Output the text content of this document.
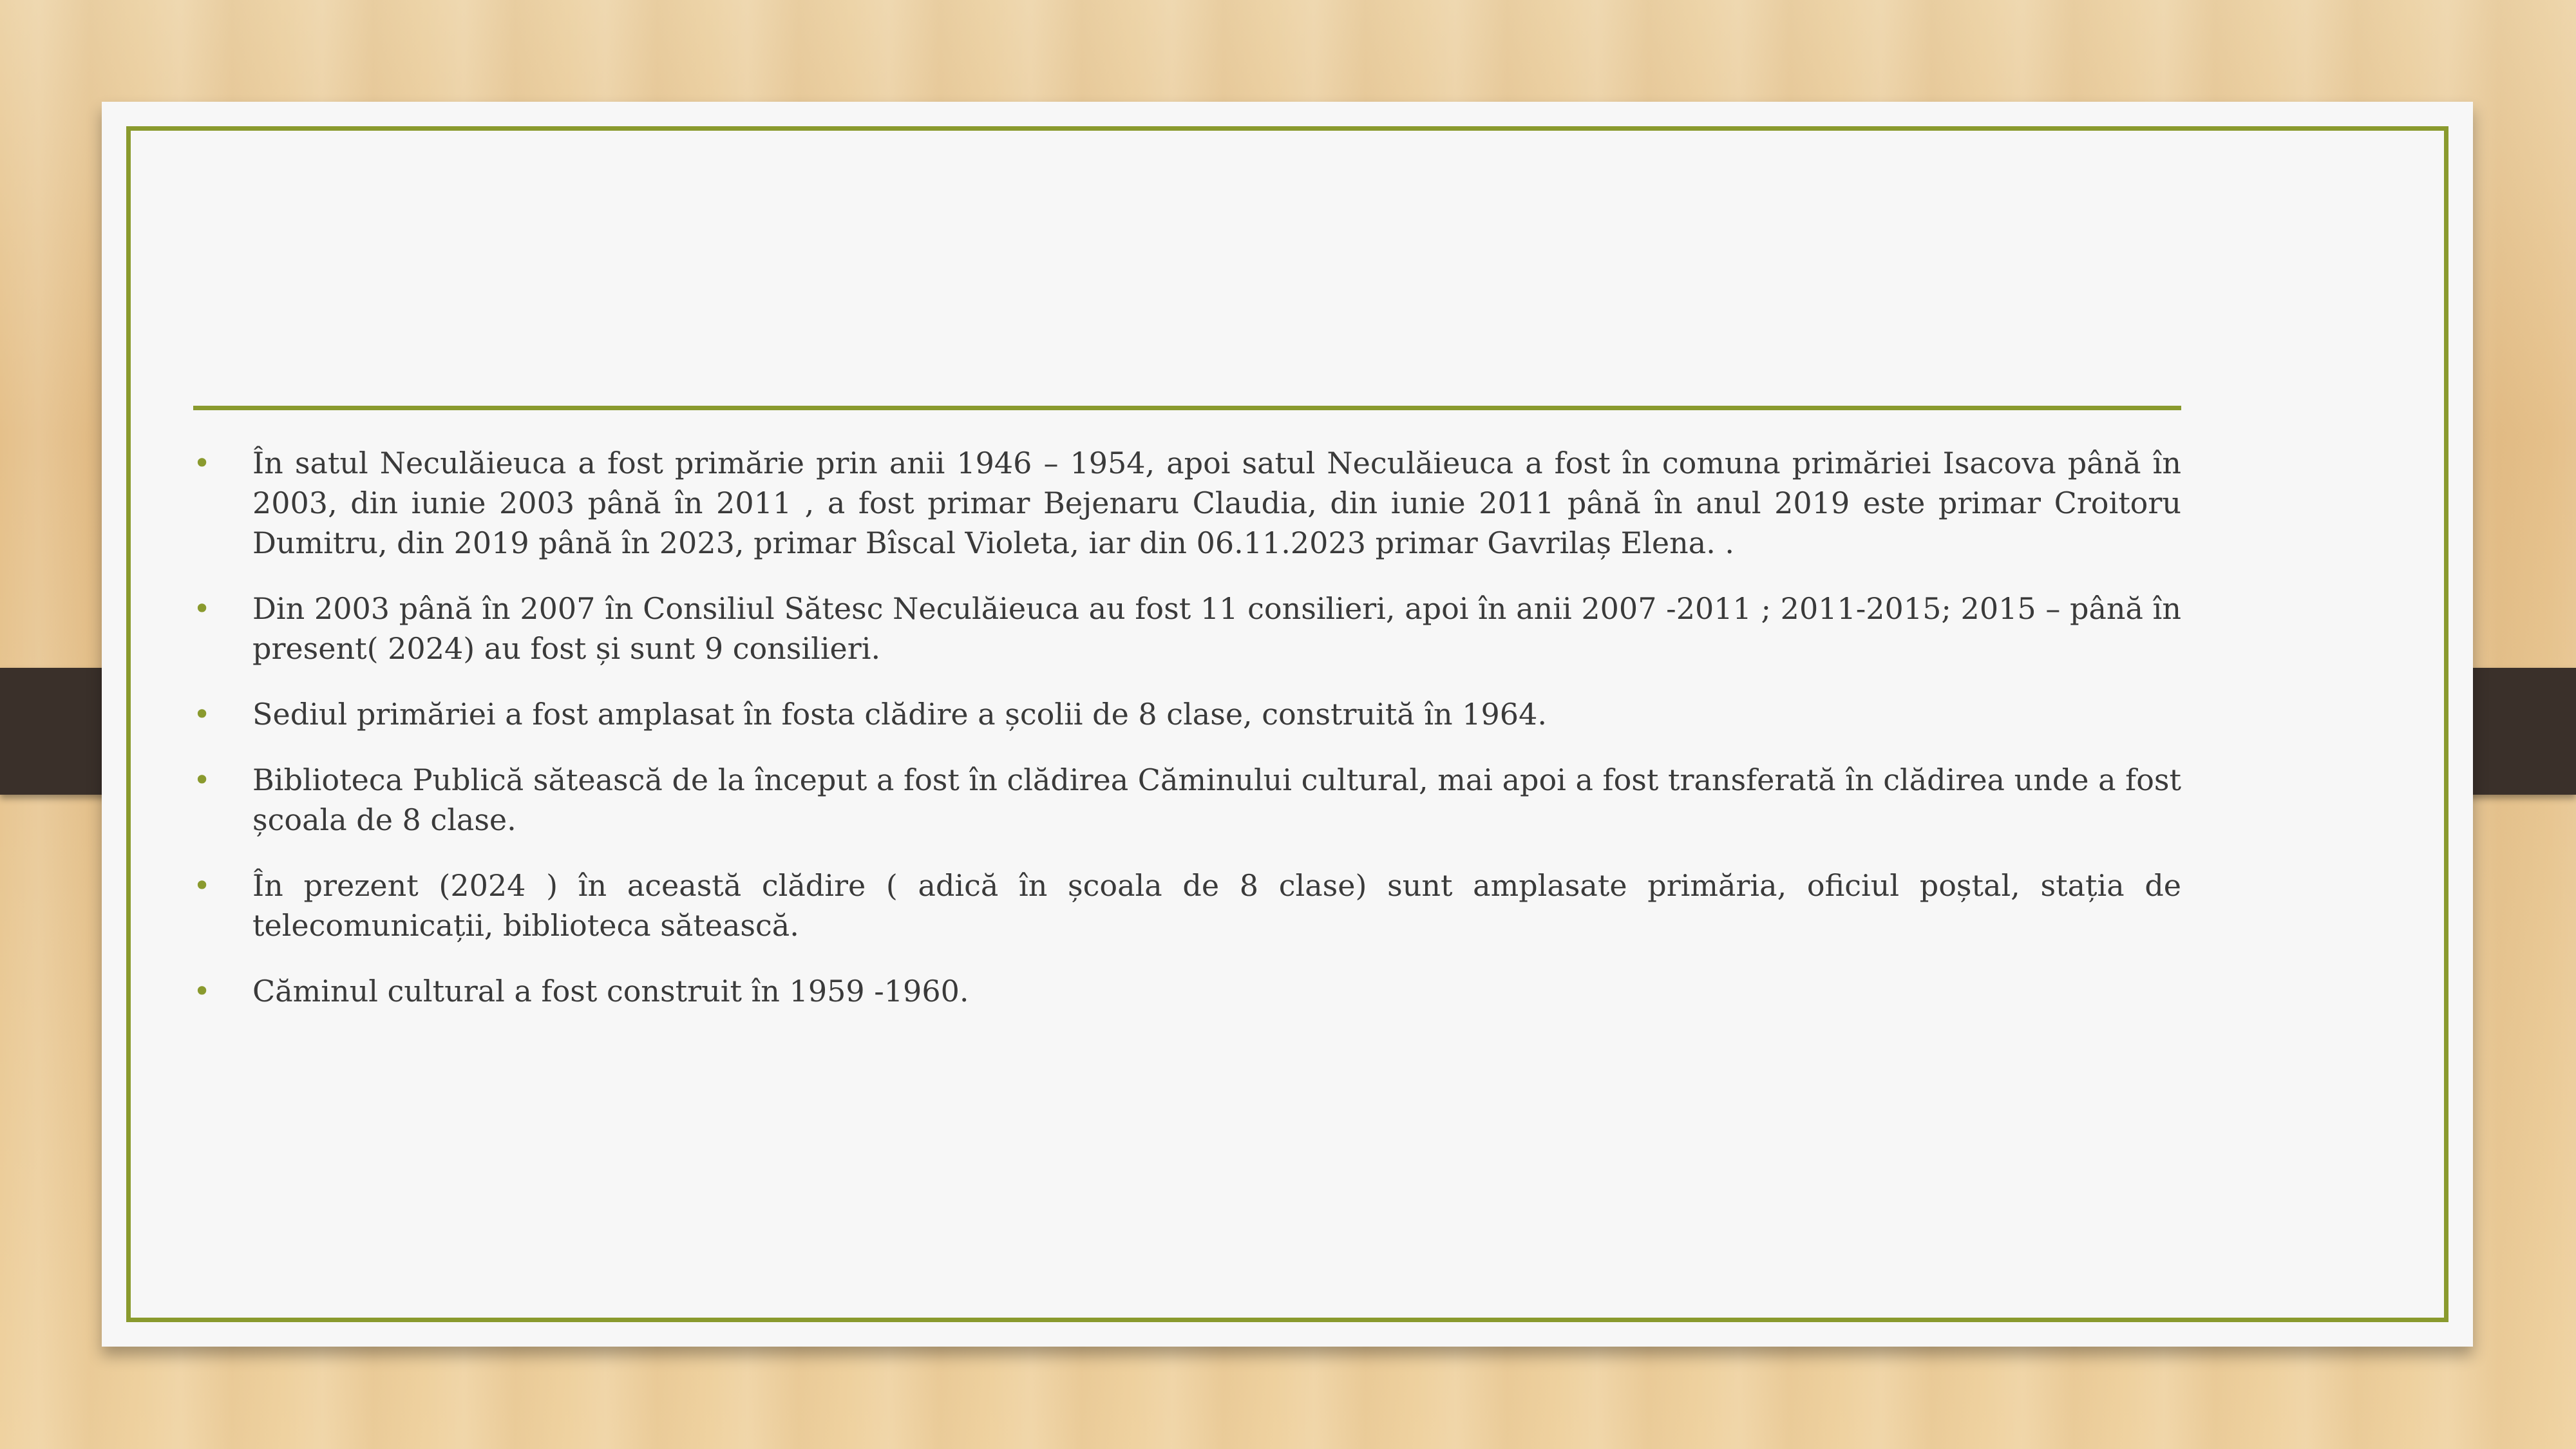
• În satul Neculăieuca a fost primărie prin anii 1946 – 1954, apoi satul Neculăieuca a fost în comuna primăriei Isacova până în 2003, din iunie 2003 până în 2011 , a fost primar Bejenaru Claudia, din iunie 2011 până în anul 2019 este primar Croitoru Dumitru, din 2019 până în 2023, primar Bîscal Violeta, iar din 06.11.2023 primar Gavrilaș Elena. .
• Din 2003 până în 2007 în Consiliul Sătesc Neculăieuca au fost 11 consilieri, apoi în anii 2007 -2011 ; 2011-2015; 2015 – până în present( 2024) au fost și sunt 9 consilieri.
• Sediul primăriei a fost amplasat în fosta clădire a școlii de 8 clase, construită în 1964.
• Biblioteca Publică sătească de la început a fost în clădirea Căminului cultural, mai apoi a fost transferată în clădirea unde a fost școala de 8 clase.
• În prezent (2024 ) în această clădire ( adică în școala de 8 clase) sunt amplasate primăria, oficiul poștal, stația de telecomunicații, biblioteca sătească.
• Căminul cultural a fost construit în 1959 -1960.
